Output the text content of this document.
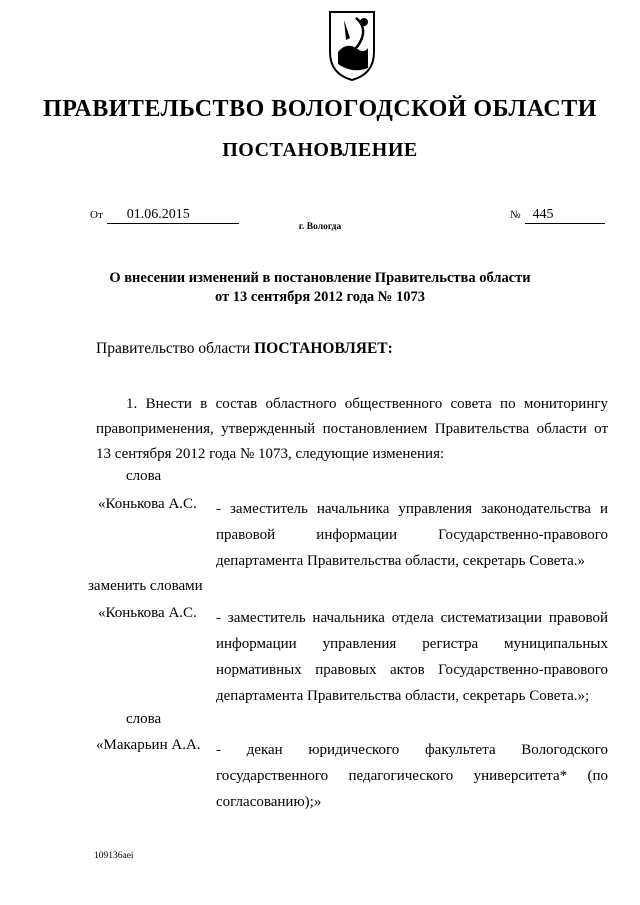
ПРАВИТЕЛЬСТВО ВОЛОГОДСКОЙ ОБЛАСТИ
ПОСТАНОВЛЕНИЕ
От 01.06.2015	№ 445
г. Вологда
О внесении изменений в постановление Правительства области
от 13 сентября 2012 года № 1073
Правительство области ПОСТАНОВЛЯЕТ:
1. Внести в состав областного общественного совета по мониторингу
правоприменения, утвержденный постановлением Правительства области от
13 сентября 2012 года № 1073, следующие изменения:
слова
«Конькова А.С. - заместитель начальника управления законодательства и
правовой информации Государственно-правового
департамента Правительства области, секретарь Совета.»
заменить словами
«Конькова А.С. - заместитель начальника отдела систематизации правовой
информации управления регистра муниципальных
нормативных правовых актов Государственно-правового
департамента Правительства области, секретарь Совета.»;
слова
«Макарьин А.А. - декан юридического факультета Вологодского
государственного педагогического университета* (по
согласованию);»
109136aei
